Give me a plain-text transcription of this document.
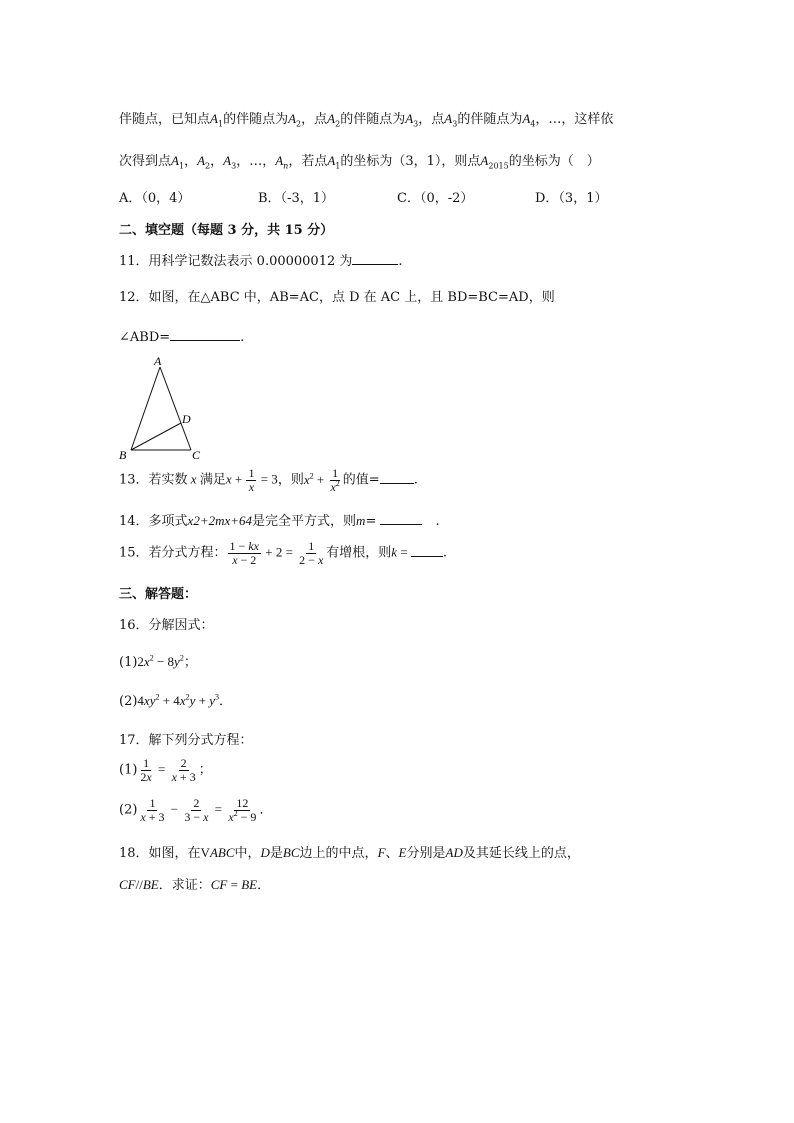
伴随点，已知点$A_1$的伴随点为$A_2$，点$A_2$的伴随点为$A_3$，点$A_3$的伴随点为$A_4$，…，这样依
次得到点$A_1$，$A_2$，$A_3$，…，$A_n$，若点$A_1$的坐标为（3，1），则点$A_{2015}$的坐标为（　）
A．（0，4）	B．（-3，1）	C．（0，-2）	D．（3，1）
二、填空题（每题 3 分，共 15 分）
11．用科学记数法表示 0.00000012 为	.
12．如图，在△ABC 中，AB=AC，点 D 在 AC 上，且 BD=BC=AD，则
∠ABD=	.
A
B	C
D
13．若实数 x 满足$x + \frac{1}{x} = 3$，则$x^2 + \frac{1}{x^2}$ 的值=	.
14．多项式x2+2mx+64是完全平方式，则m= 　	.
15．若分式方程： $\frac{1 - kx}{x - 2} + 2 = \frac{1}{2 - x}$ 有增根，则k = .
三、解答题：
16．分解因式：
$(1)2x^2 - 8y^2$；
$(2)4xy^2 + 4x^2y + y^3$．
17．解下列分式方程：
$(1) \frac{1}{2x} = \frac{2}{x + 3}$ ；
$(2) \frac{1}{x + 3} - \frac{2}{3 - x} = \frac{12}{x^2 - 9}$ ．
18．如图，在VABC中，D是BC边上的中点，F、E分别是AD及其延长线上的点，
CF//BE．求证：CF = BE．
